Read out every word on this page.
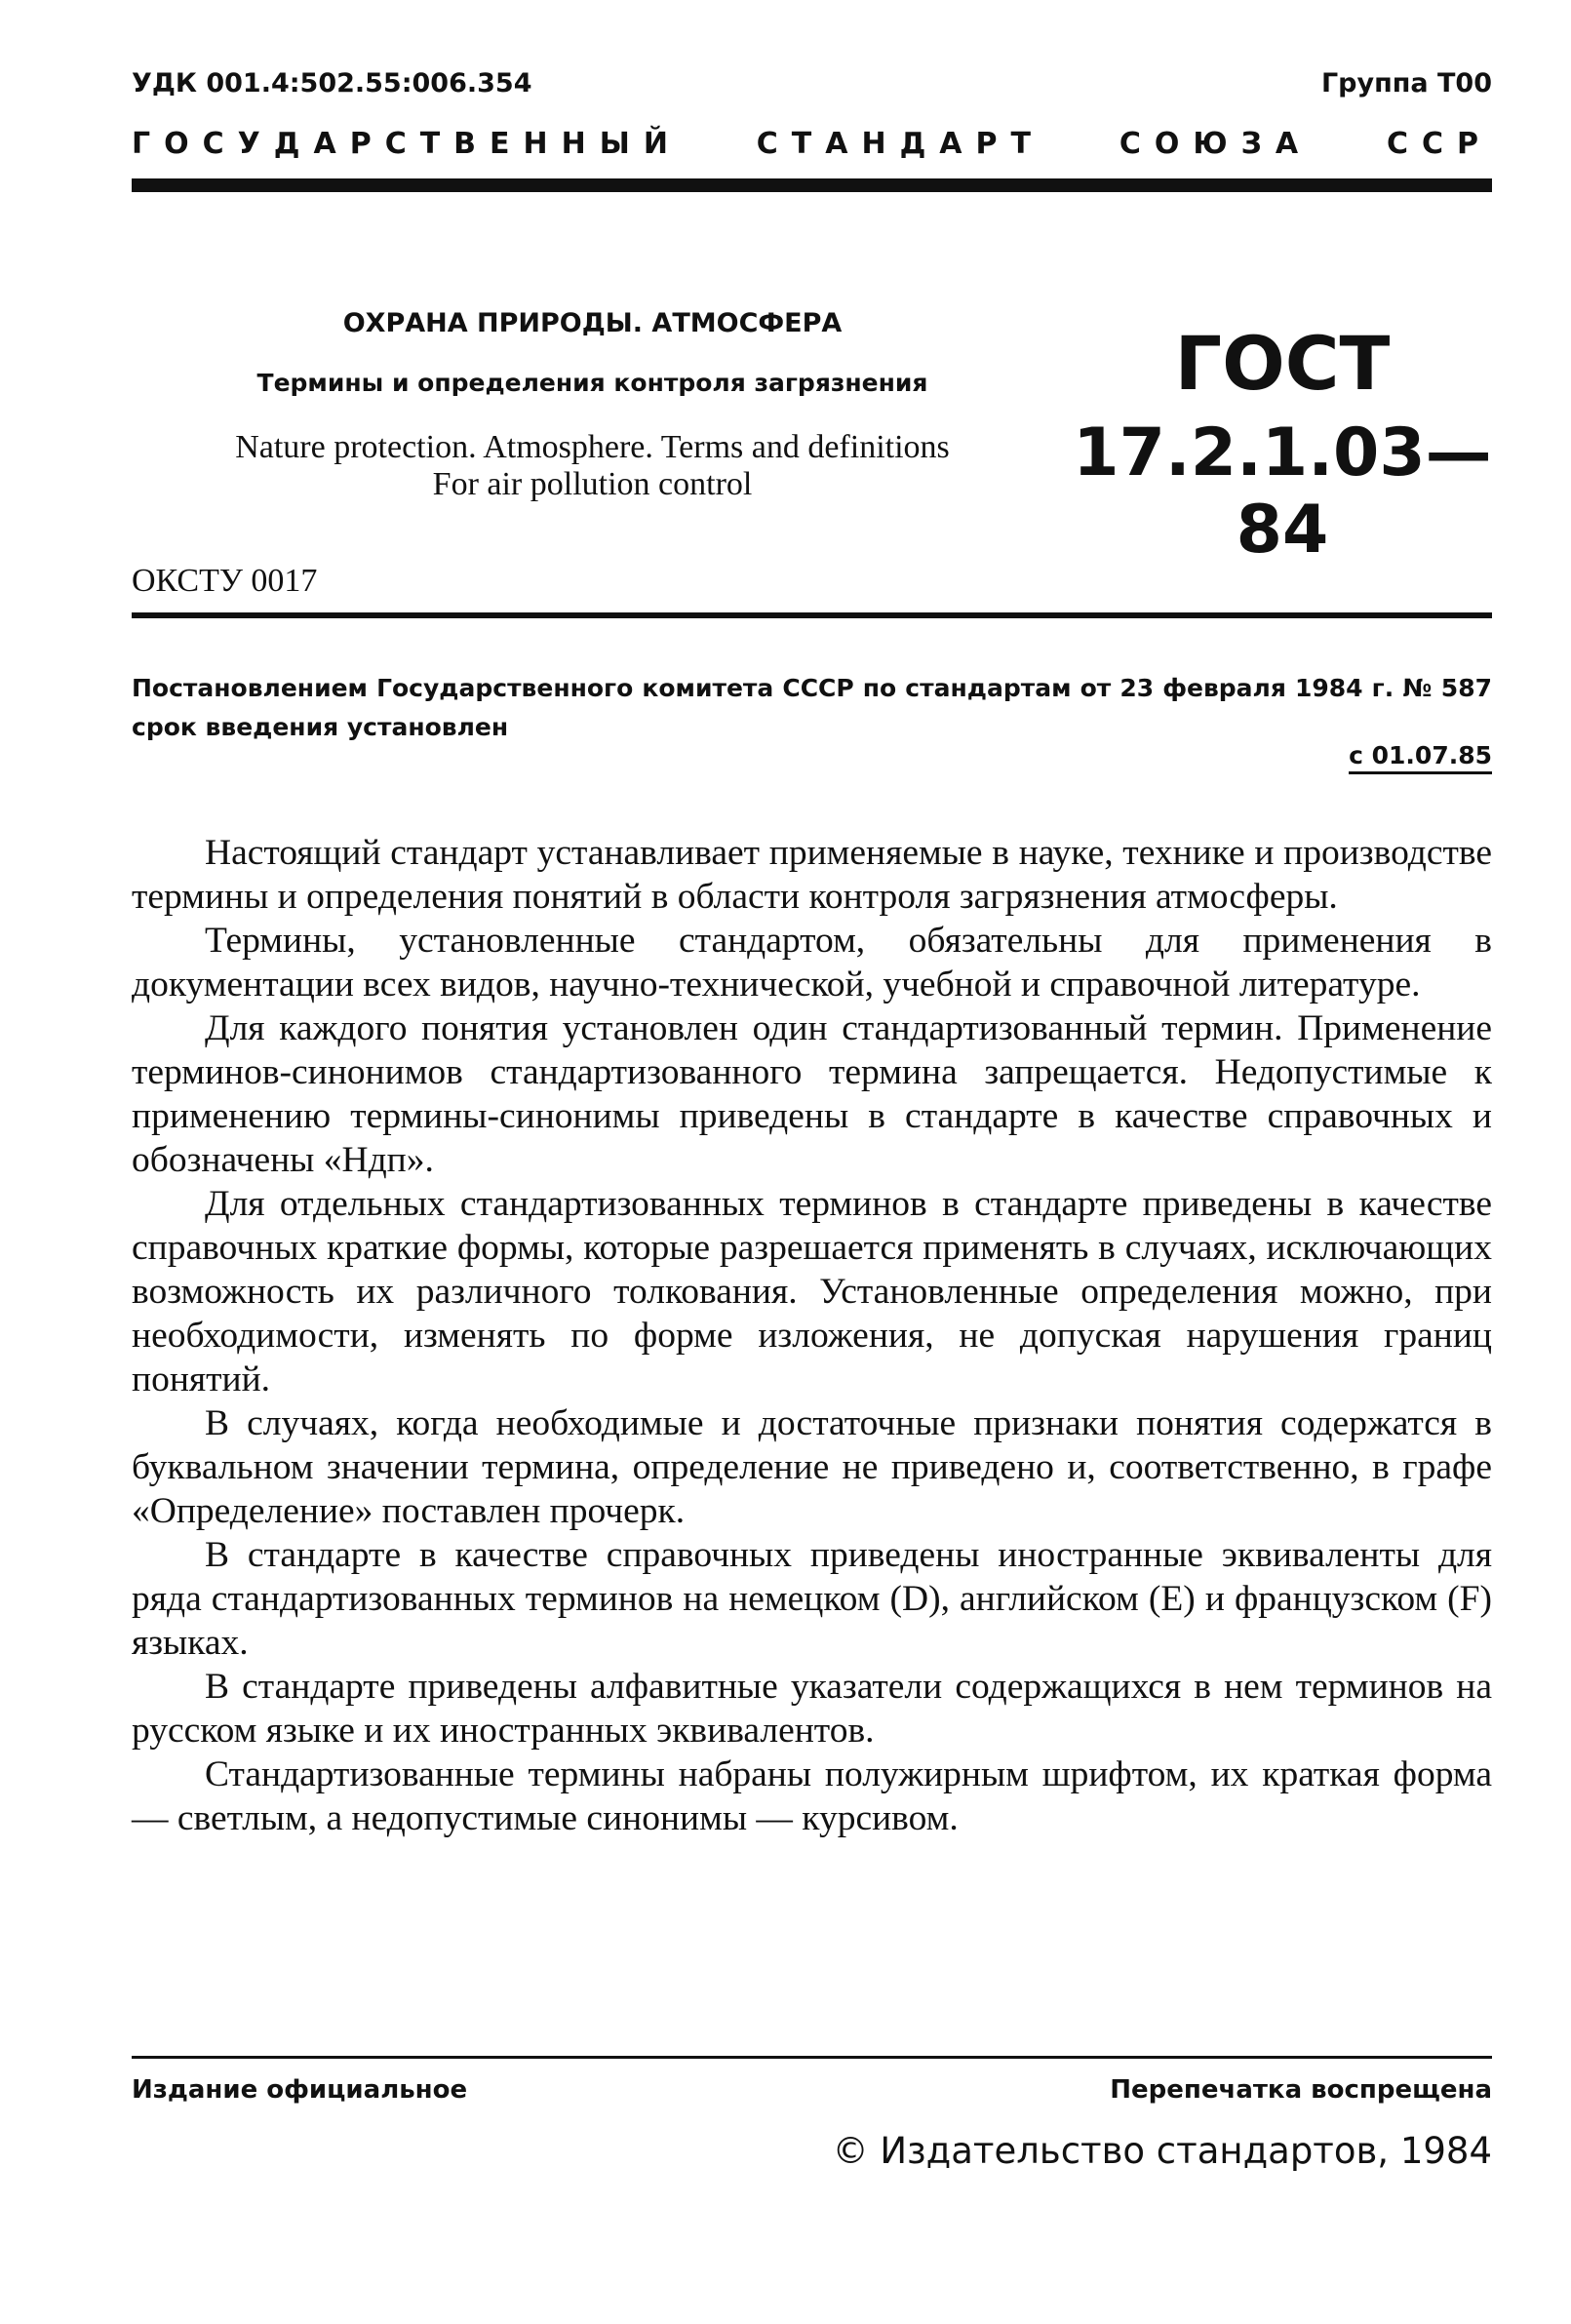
УДК 001.4:502.55:006.354	Группа Т00
ГОСУДАРСТВЕННЫЙ	СТАНДАРТ	СОЮЗА	ССР
ОХРАНА ПРИРОДЫ. АТМОСФЕРА
Термины и определения контроля загрязнения
Nature protection. Atmosphere. Terms and definitions
For air pollution control
ГОСТ
17.2.1.03—84
ОКСТУ 0017
Постановлением Государственного комитета СССР по стандартам от 23 февраля 1984 г. № 587 срок введения установлен
с 01.07.85

Настоящий стандарт устанавливает применяемые в науке, технике и производстве термины и определения понятий в области контроля загрязнения атмосферы.

Термины, установленные стандартом, обязательны для применения в документации всех видов, научно-технической, учебной и справочной литературе.

Для каждого понятия установлен один стандартизованный термин. Применение терминов-синонимов стандартизованного термина запрещается. Недопустимые к применению термины-синонимы приведены в стандарте в качестве справочных и обозначены «Ндп».

Для отдельных стандартизованных терминов в стандарте приведены в качестве справочных краткие формы, которые разрешается применять в случаях, исключающих возможность их различного толкования. Установленные определения можно, при необходимости, изменять по форме изложения, не допуская нарушения границ понятий.

В случаях, когда необходимые и достаточные признаки понятия содержатся в буквальном значении термина, определение не приведено и, соответственно, в графе «Определение» поставлен прочерк.

В стандарте в качестве справочных приведены иностранные эквиваленты для ряда стандартизованных терминов на немецком (D), английском (E) и французском (F) языках.

В стандарте приведены алфавитные указатели содержащихся в нем терминов на русском языке и их иностранных эквивалентов.

Стандартизованные термины набраны полужирным шрифтом, их краткая форма — светлым, а недопустимые синонимы — курсивом.

Издание официальное	Перепечатка воспрещена
© Издательство стандартов, 1984
